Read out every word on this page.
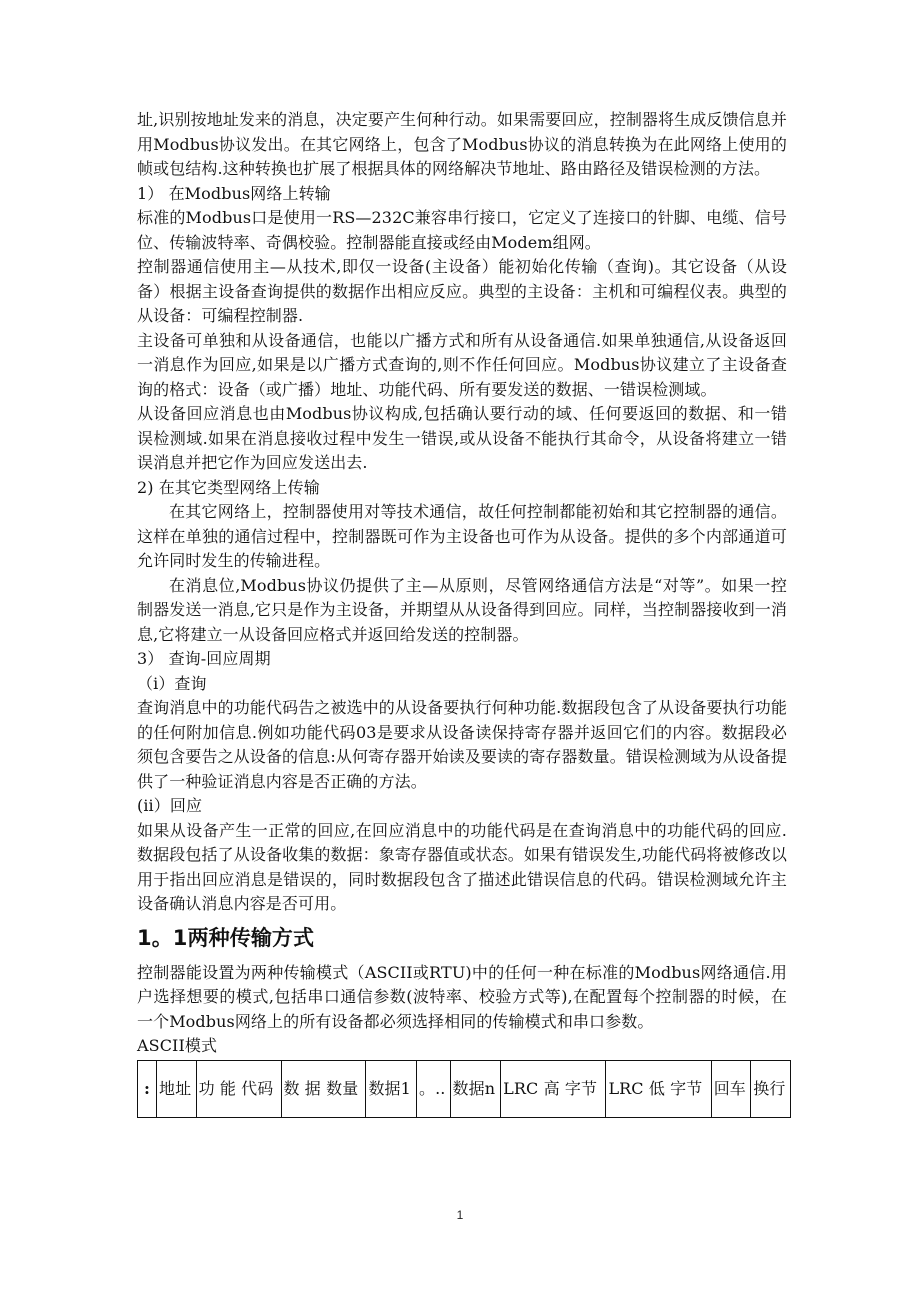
址,识别按地址发来的消息，决定要产生何种行动。如果需要回应，控制器将生成反馈信息并用Modbus协议发出。在其它网络上，包含了Modbus协议的消息转换为在此网络上使用的帧或包结构.这种转换也扩展了根据具体的网络解决节地址、路由路径及错误检测的方法。

1） 在Modbus网络上转输

标准的Modbus口是使用一RS—232C兼容串行接口，它定义了连接口的针脚、电缆、信号位、传输波特率、奇偶校验。控制器能直接或经由Modem组网。

控制器通信使用主—从技术,即仅一设备(主设备）能初始化传输（查询)。其它设备（从设备）根据主设备查询提供的数据作出相应反应。典型的主设备：主机和可编程仪表。典型的从设备：可编程控制器.

主设备可单独和从设备通信，也能以广播方式和所有从设备通信.如果单独通信,从设备返回一消息作为回应,如果是以广播方式查询的,则不作任何回应。Modbus协议建立了主设备查询的格式：设备（或广播）地址、功能代码、所有要发送的数据、一错误检测域。

从设备回应消息也由Modbus协议构成,包括确认要行动的域、任何要返回的数据、和一错误检测域.如果在消息接收过程中发生一错误,或从设备不能执行其命令，从设备将建立一错误消息并把它作为回应发送出去.

2) 在其它类型网络上传输

在其它网络上，控制器使用对等技术通信，故任何控制都能初始和其它控制器的通信。这样在单独的通信过程中，控制器既可作为主设备也可作为从设备。提供的多个内部通道可允许同时发生的传输进程。

在消息位,Modbus协议仍提供了主—从原则，尽管网络通信方法是“对等”。如果一控制器发送一消息,它只是作为主设备，并期望从从设备得到回应。同样，当控制器接收到一消息,它将建立一从设备回应格式并返回给发送的控制器。

3） 查询-回应周期

（i）查询

查询消息中的功能代码告之被选中的从设备要执行何种功能.数据段包含了从设备要执行功能的任何附加信息.例如功能代码03是要求从设备读保持寄存器并返回它们的内容。数据段必须包含要告之从设备的信息:从何寄存器开始读及要读的寄存器数量。错误检测域为从设备提供了一种验证消息内容是否正确的方法。

(ii）回应

如果从设备产生一正常的回应,在回应消息中的功能代码是在查询消息中的功能代码的回应.数据段包括了从设备收集的数据：象寄存器值或状态。如果有错误发生,功能代码将被修改以用于指出回应消息是错误的，同时数据段包含了描述此错误信息的代码。错误检测域允许主设备确认消息内容是否可用。

1。1两种传输方式

控制器能设置为两种传输模式（ASCII或RTU)中的任何一种在标准的Modbus网络通信.用户选择想要的模式,包括串口通信参数(波特率、校验方式等),在配置每个控制器的时候，在一个Modbus网络上的所有设备都必须选择相同的传输模式和串口参数。

ASCII模式

:	地址	功 能 代码	数 据 数量	数据1	。..	数据n	LRC 高 字节	LRC 低 字节	回车	换行
1
